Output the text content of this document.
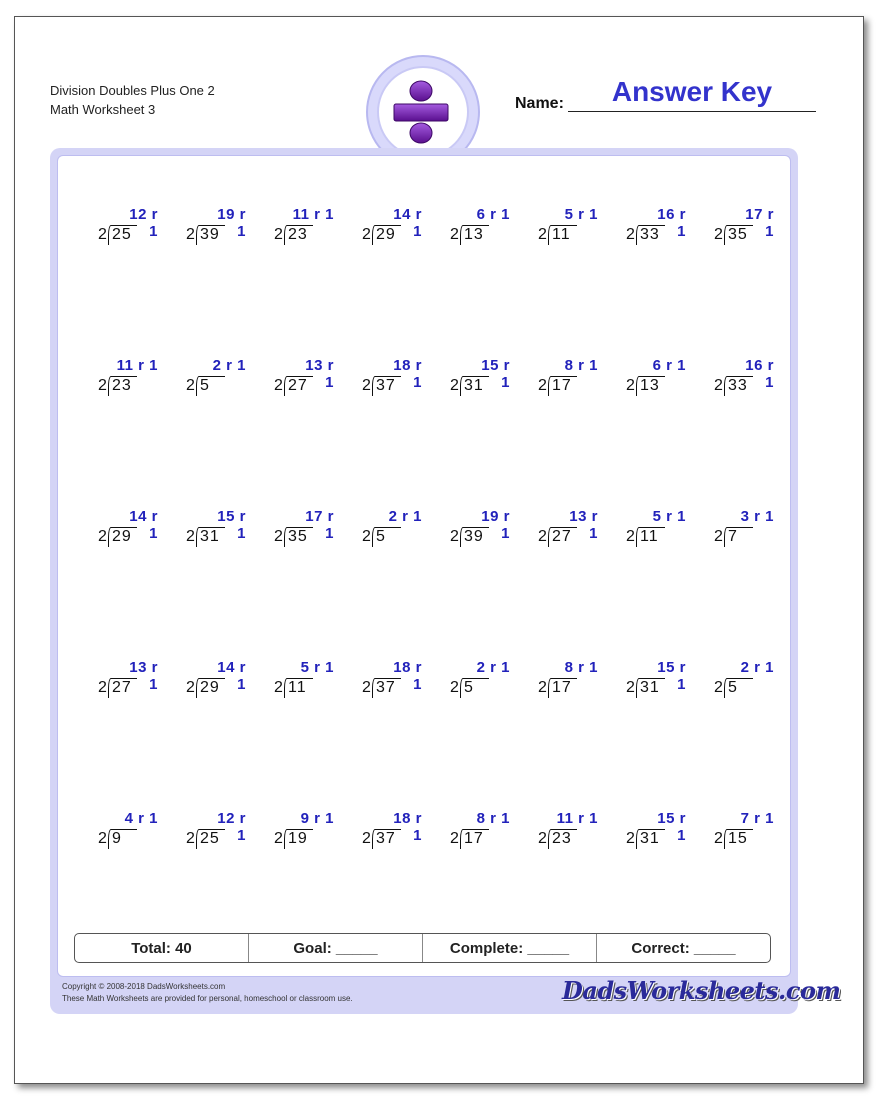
Division Doubles Plus One 2
Math Worksheet 3	Name:	Answer Key
12 r 1
2 25
19 r 1
2 39
11 r 1
2 23
14 r 1
2 29
6 r 1
2 13
5 r 1
2 11
16 r 1
2 33
17 r 1
2 35
11 r 1
2 23
2 r 1
2 5
13 r 1
2 27
18 r 1
2 37
15 r 1
2 31
8 r 1
2 17
6 r 1
2 13
16 r 1
2 33
14 r 1
2 29
15 r 1
2 31
17 r 1
2 35
2 r 1
2 5
19 r 1
2 39
13 r 1
2 27
5 r 1
2 11
3 r 1
2 7
13 r 1
2 27
14 r 1
2 29
5 r 1
2 11
18 r 1
2 37
2 r 1
2 5
8 r 1
2 17
15 r 1
2 31
2 r 1
2 5
4 r 1
2 9
12 r 1
2 25
9 r 1
2 19
18 r 1
2 37
8 r 1
2 17
11 r 1
2 23
15 r 1
2 31
7 r 1
2 15
Total: 40	Goal: _____	Complete: _____	Correct: _____
Copyright © 2008-2018 DadsWorksheets.com
These Math Worksheets are provided for personal, homeschool or classroom use.	DadsWorksheets.com
